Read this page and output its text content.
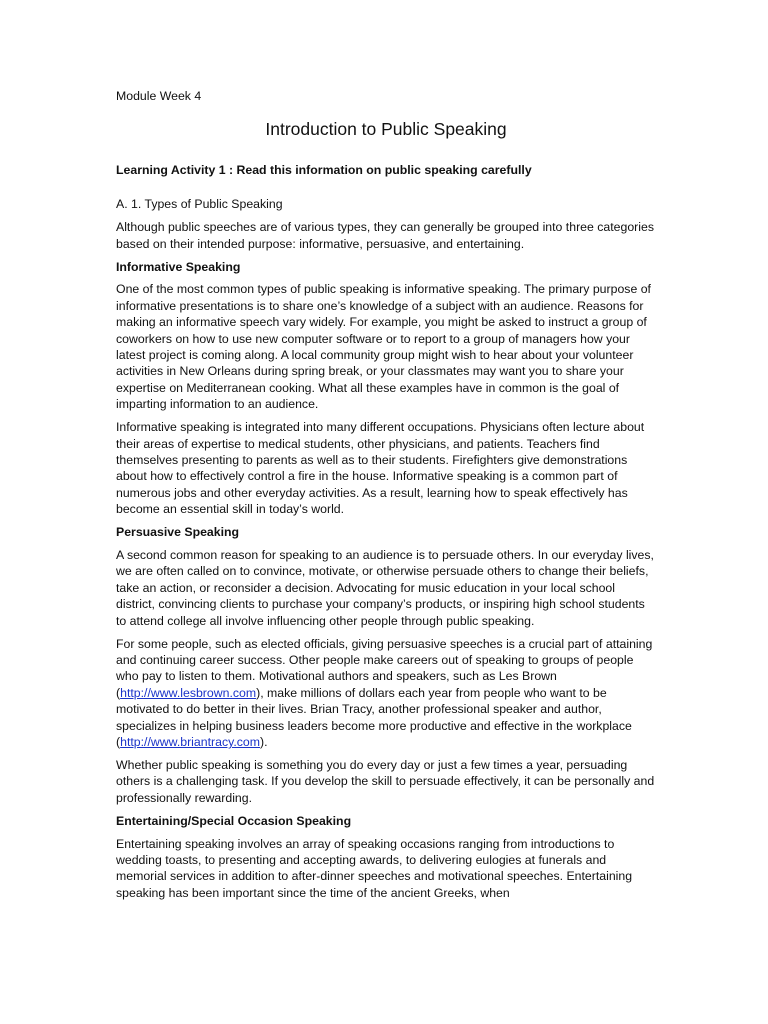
Module Week 4
Introduction to Public Speaking
Learning Activity 1 : Read this information on public speaking carefully
A. 1. Types of Public Speaking

Although public speeches are of various types, they can generally be grouped into three categories based on their intended purpose: informative, persuasive, and entertaining.

Informative Speaking

One of the most common types of public speaking is informative speaking. The primary purpose of informative presentations is to share one’s knowledge of a subject with an audience. Reasons for making an informative speech vary widely. For example, you might be asked to instruct a group of coworkers on how to use new computer software or to report to a group of managers how your latest project is coming along. A local community group might wish to hear about your volunteer activities in New Orleans during spring break, or your classmates may want you to share your expertise on Mediterranean cooking. What all these examples have in common is the goal of imparting information to an audience.

Informative speaking is integrated into many different occupations. Physicians often lecture about their areas of expertise to medical students, other physicians, and patients. Teachers find themselves presenting to parents as well as to their students. Firefighters give demonstrations about how to effectively control a fire in the house. Informative speaking is a common part of numerous jobs and other everyday activities. As a result, learning how to speak effectively has become an essential skill in today’s world.

Persuasive Speaking

A second common reason for speaking to an audience is to persuade others. In our everyday lives, we are often called on to convince, motivate, or otherwise persuade others to change their beliefs, take an action, or reconsider a decision. Advocating for music education in your local school district, convincing clients to purchase your company’s products, or inspiring high school students to attend college all involve influencing other people through public speaking.

For some people, such as elected officials, giving persuasive speeches is a crucial part of attaining and continuing career success. Other people make careers out of speaking to groups of people who pay to listen to them. Motivational authors and speakers, such as Les Brown (http://www.lesbrown.com), make millions of dollars each year from people who want to be motivated to do better in their lives. Brian Tracy, another professional speaker and author, specializes in helping business leaders become more productive and effective in the workplace (http://www.briantracy.com).

Whether public speaking is something you do every day or just a few times a year, persuading others is a challenging task. If you develop the skill to persuade effectively, it can be personally and professionally rewarding.

Entertaining/Special Occasion Speaking

Entertaining speaking involves an array of speaking occasions ranging from introductions to wedding toasts, to presenting and accepting awards, to delivering eulogies at funerals and memorial services in addition to after-dinner speeches and motivational speeches. Entertaining speaking has been important since the time of the ancient Greeks, when
